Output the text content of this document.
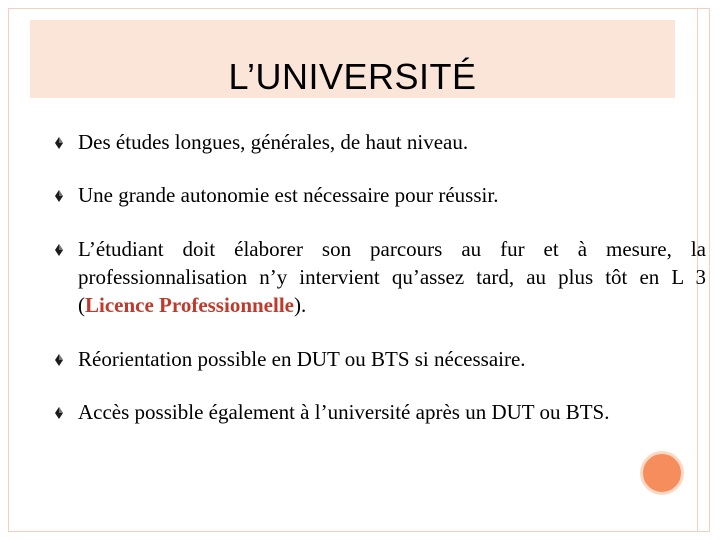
L’UNIVERSITÉ
Des études longues, générales, de haut niveau.
Une grande autonomie est nécessaire pour réussir.
L’étudiant doit élaborer son parcours au fur et à mesure, la professionnalisation n’y intervient qu’assez tard, au plus tôt en L 3 (Licence Professionnelle).
Réorientation possible en DUT ou BTS si nécessaire.
Accès possible également à l’université après un DUT ou BTS.
